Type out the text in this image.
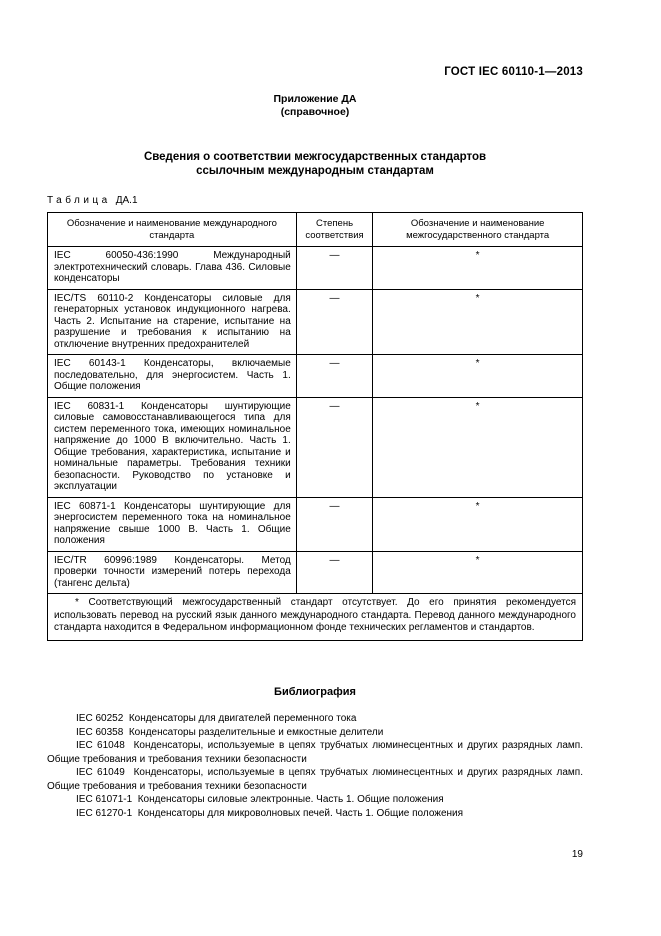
ГОСТ IEC 60110-1—2013
Приложение ДА
(справочное)
Сведения о соответствии межгосударственных стандартов
ссылочным международным стандартам
Таблица ДА.1
Обозначение и наименование международного стандарта	Степень соответствия	Обозначение и наименование межгосударственного стандарта
IEC 60050-436:1990 Международный электротехнический словарь. Глава 436. Силовые конденсаторы	—	*
IEC/TS 60110-2 Конденсаторы силовые для генераторных установок индукционного нагрева. Часть 2. Испытание на старение, испытание на разрушение и требования к испытанию на отключение внутренних предохранителей	—	*
IEC 60143-1 Конденсаторы, включаемые последовательно, для энергосистем. Часть 1. Общие положения	—	*
IEC 60831-1 Конденсаторы шунтирующие силовые самовосстанавливающегося типа для систем переменного тока, имеющих номинальное напряжение до 1000 В включительно. Часть 1. Общие требования, характеристика, испытание и номинальные параметры. Требования техники безопасности. Руководство по установке и эксплуатации	—	*
IEC 60871-1 Конденсаторы шунтирующие для энергосистем переменного тока на номинальное напряжение свыше 1000 В. Часть 1. Общие положения	—	*
IEC/TR 60996:1989 Конденсаторы. Метод проверки точности измерений потерь перехода (тангенс дельта)	—	*
* Соответствующий межгосударственный стандарт отсутствует. До его принятия рекомендуется использовать перевод на русский язык данного международного стандарта. Перевод данного международного стандарта находится в Федеральном информационном фонде технических регламентов и стандартов.		
Библиография

IEC 60252  Конденсаторы для двигателей переменного тока

IEC 60358  Конденсаторы разделительные и емкостные делители

IEC 61048  Конденсаторы, используемые в цепях трубчатых люминесцентных и других разрядных ламп. Общие требования и требования техники безопасности

IEC 61049  Конденсаторы, используемые в цепях трубчатых люминесцентных и других разрядных ламп. Общие требования и требования техники безопасности

IEC 61071-1  Конденсаторы силовые электронные. Часть 1. Общие положения

IEC 61270-1  Конденсаторы для микроволновых печей. Часть 1. Общие положения

19
